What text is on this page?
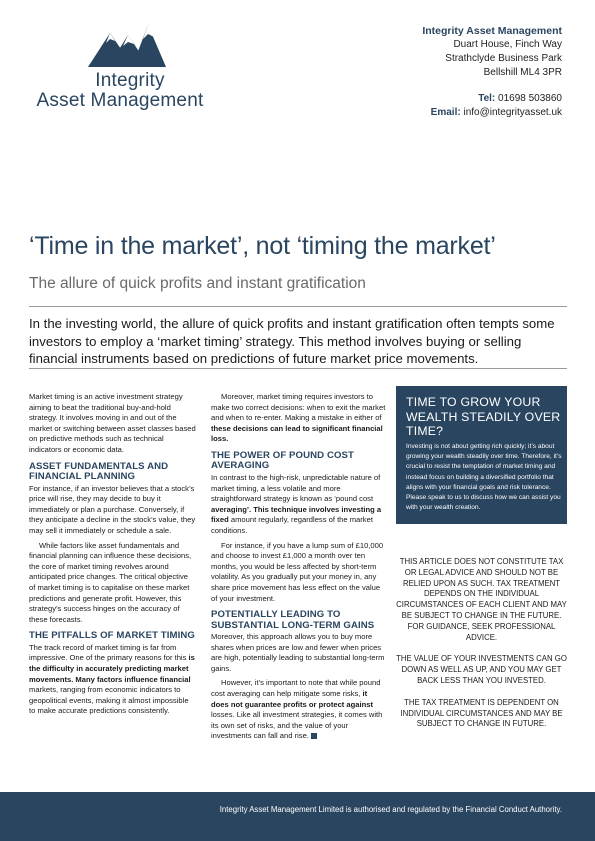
Integrity
Asset Management
Integrity Asset Management
Duart House, Finch Way
Strathclyde Business Park
Bellshill ML4 3PR
Tel: 01698 503860
Email: info@integrityasset.uk
‘Time in the market’, not ‘timing the market’
The allure of quick profits and instant gratification
In the investing world, the allure of quick profits and instant gratification often tempts some investors to employ a ‘market timing’ strategy. This method involves buying or selling financial instruments based on predictions of future market price movements.

Market timing is an active investment strategy aiming to beat the traditional buy-and-hold strategy. It involves moving in and out of the market or switching between asset classes based on predictive methods such as technical indicators or economic data.

ASSET FUNDAMENTALS AND FINANCIAL PLANNING

For instance, if an investor believes that a stock’s price will rise, they may decide to buy it immediately or plan a purchase. Conversely, if they anticipate a decline in the stock’s value, they may sell it immediately or schedule a sale.

While factors like asset fundamentals and financial planning can influence these decisions, the core of market timing revolves around anticipated price changes. The critical objective of market timing is to capitalise on these market predictions and generate profit. However, this strategy’s success hinges on the accuracy of these forecasts.

THE PITFALLS OF MARKET TIMING

The track record of market timing is far from impressive. One of the primary reasons for this is the difficulty in accurately predicting market movements. Many factors influence financial markets, ranging from economic indicators to geopolitical events, making it almost impossible to make accurate predictions consistently.

Moreover, market timing requires investors to make two correct decisions: when to exit the market and when to re-enter. Making a mistake in either of these decisions can lead to significant financial loss.

THE POWER OF POUND COST AVERAGING

In contrast to the high-risk, unpredictable nature of market timing, a less volatile and more straightforward strategy is known as ‘pound cost averaging’. This technique involves investing a fixed amount regularly, regardless of the market conditions.

For instance, if you have a lump sum of £10,000 and choose to invest £1,000 a month over ten months, you would be less affected by short-term volatility. As you gradually put your money in, any share price movement has less effect on the value of your investment.

POTENTIALLY LEADING TO SUBSTANTIAL LONG-TERM GAINS

Moreover, this approach allows you to buy more shares when prices are low and fewer when prices are high, potentially leading to substantial long-term gains.

However, it’s important to note that while pound cost averaging can help mitigate some risks, it does not guarantee profits or protect against losses. Like all investment strategies, it comes with its own set of risks, and the value of your investments can fall and rise.

TIME TO GROW YOUR WEALTH STEADILY OVER TIME?

Investing is not about getting rich quickly; it’s about growing your wealth steadily over time. Therefore, it’s crucial to resist the temptation of market timing and instead focus on building a diversified portfolio that aligns with your financial goals and risk tolerance. Please speak to us to discuss how we can assist you with your wealth creation.

THIS ARTICLE DOES NOT CONSTITUTE TAX OR LEGAL ADVICE AND SHOULD NOT BE RELIED UPON AS SUCH. TAX TREATMENT DEPENDS ON THE INDIVIDUAL CIRCUMSTANCES OF EACH CLIENT AND MAY BE SUBJECT TO CHANGE IN THE FUTURE. FOR GUIDANCE, SEEK PROFESSIONAL ADVICE.

THE VALUE OF YOUR INVESTMENTS CAN GO DOWN AS WELL AS UP, AND YOU MAY GET BACK LESS THAN YOU INVESTED.

THE TAX TREATMENT IS DEPENDENT ON INDIVIDUAL CIRCUMSTANCES AND MAY BE SUBJECT TO CHANGE IN FUTURE.

Integrity Asset Management Limited is authorised and regulated by the Financial Conduct Authority.
